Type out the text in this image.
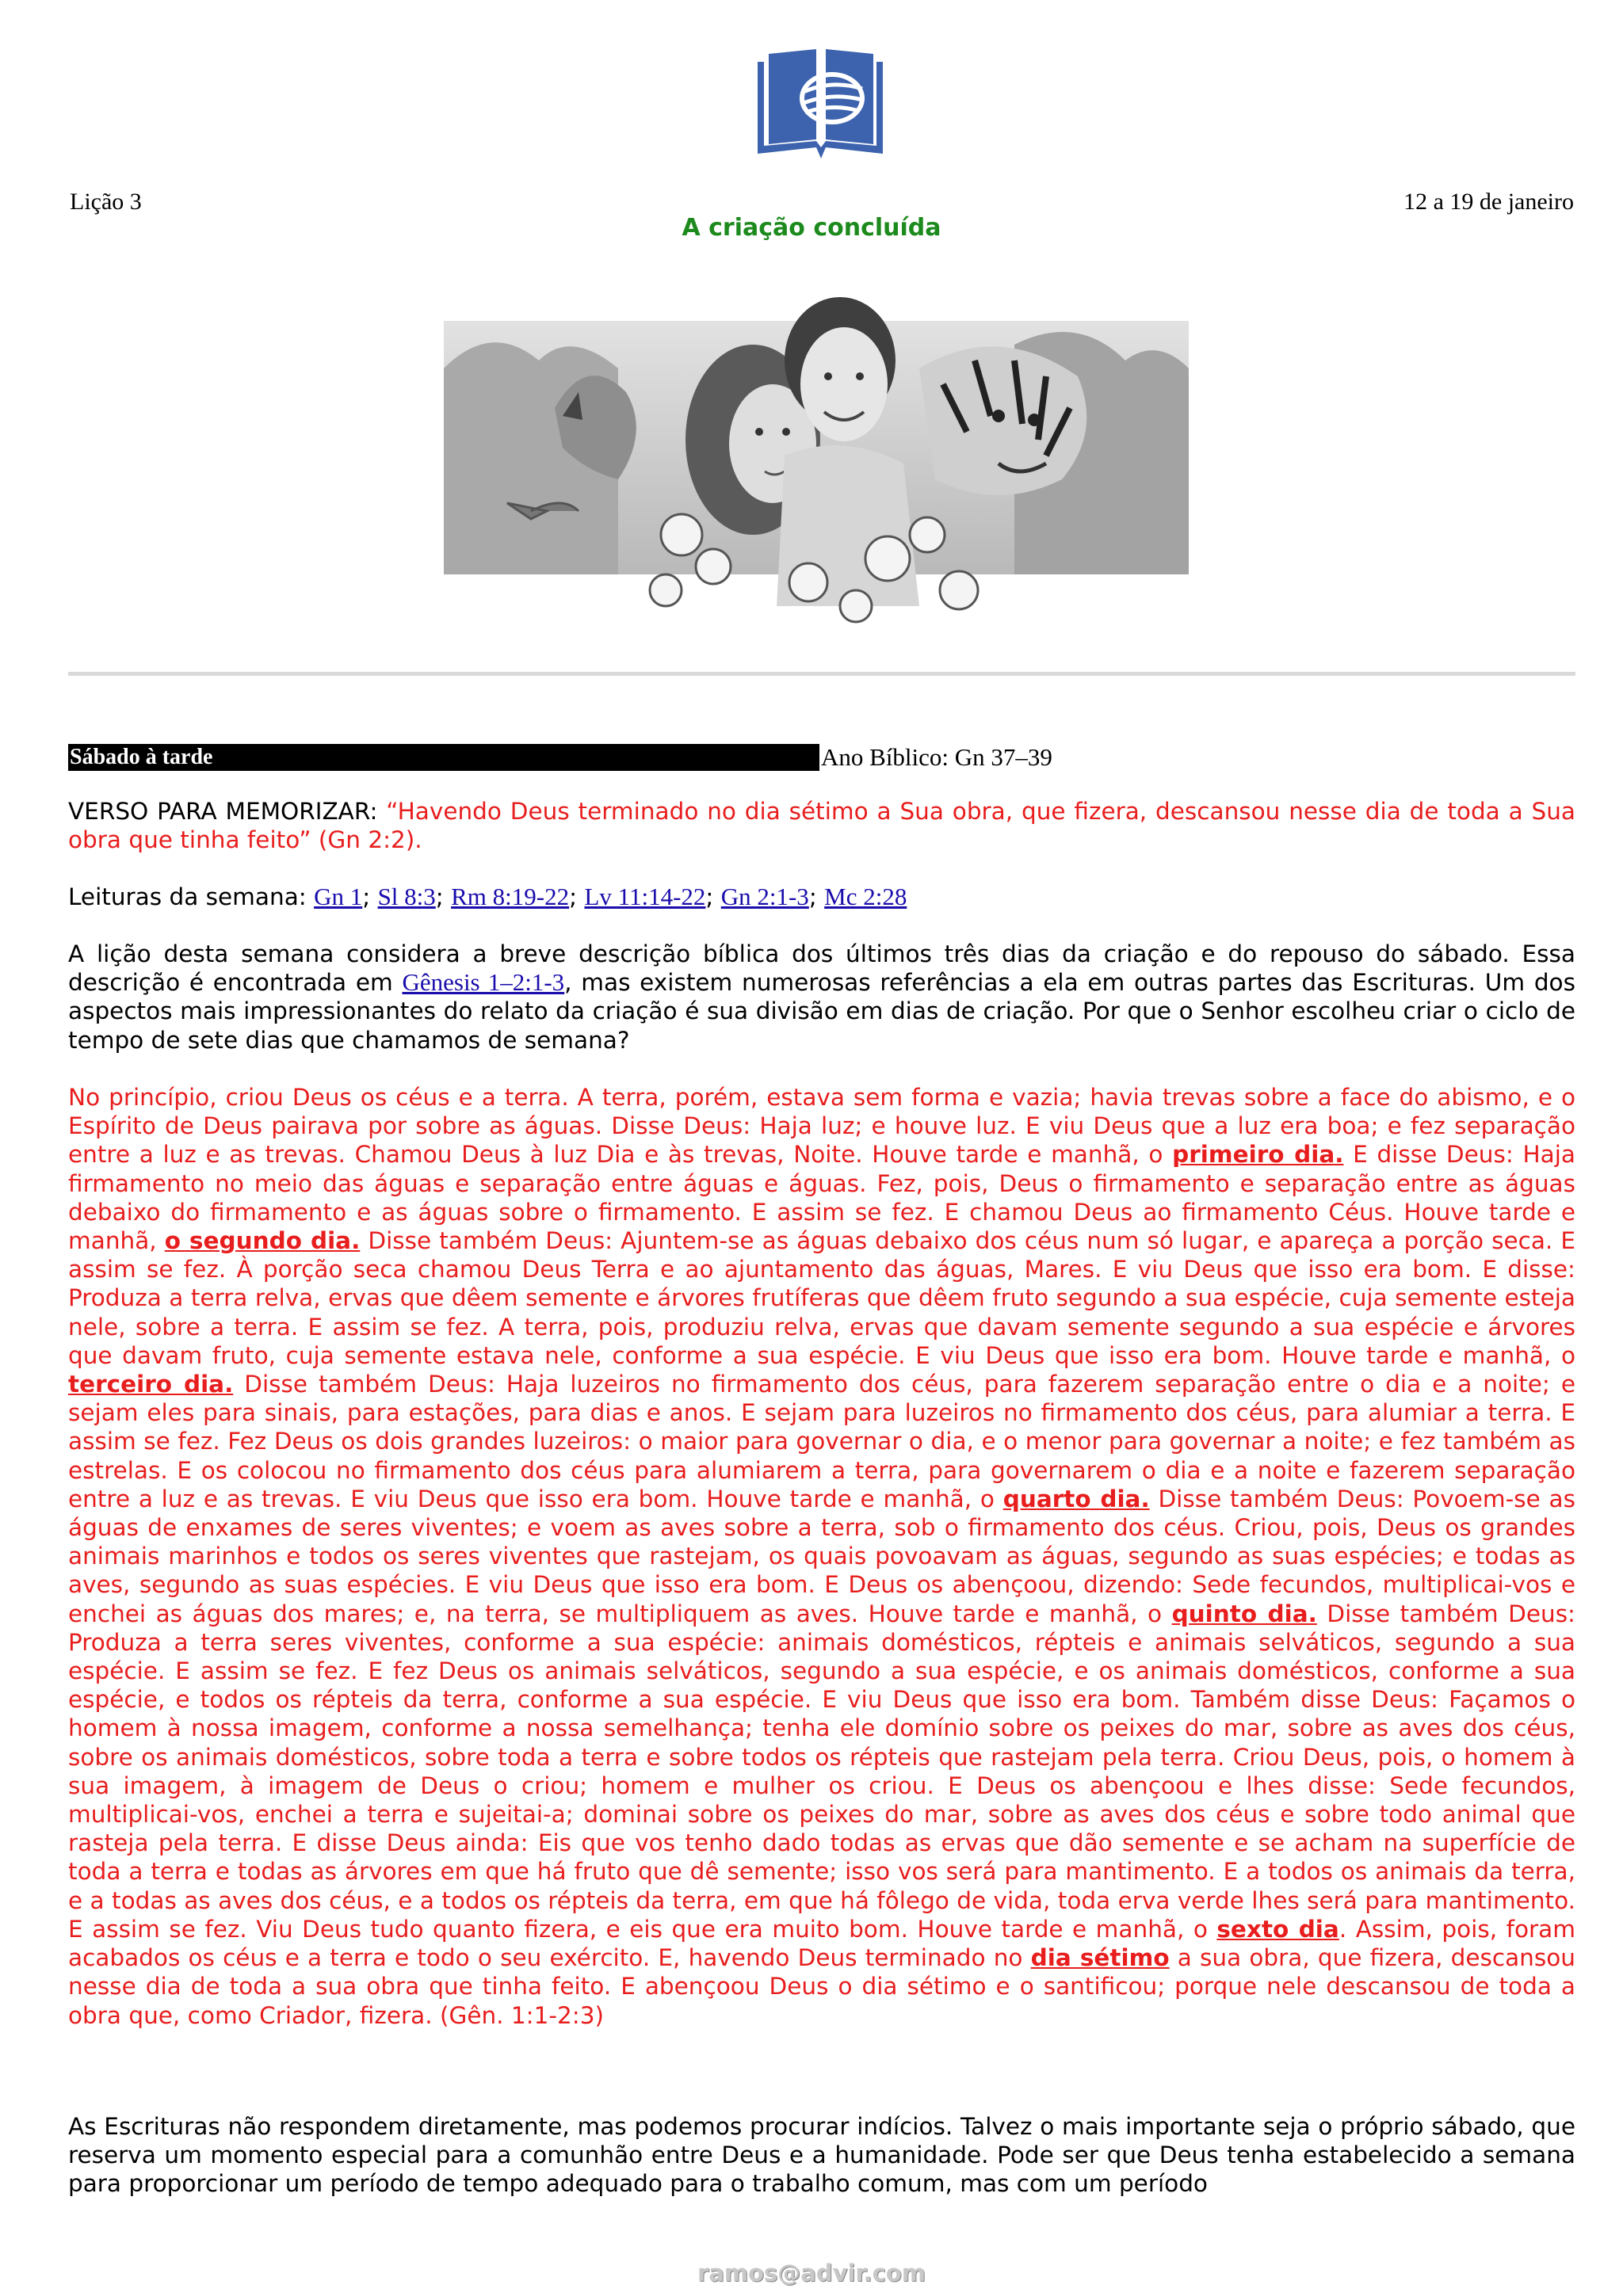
Lição 3	12 a 19 de janeiro
A criação concluída
Sábado à tarde	Ano Bíblico: Gn 37–39
VERSO PARA MEMORIZAR: “Havendo Deus terminado no dia sétimo a Sua obra, que fizera, descansou nesse dia de toda a Sua obra que tinha feito” (Gn 2:2).
Leituras da semana: Gn 1; Sl 8:3; Rm 8:19-22; Lv 11:14-22; Gn 2:1-3; Mc 2:28
A lição desta semana considera a breve descrição bíblica dos últimos três dias da criação e do repouso do sábado. Essa descrição é encontrada em Gênesis 1–2:1-3, mas existem numerosas referências a ela em outras partes das Escrituras. Um dos aspectos mais impressionantes do relato da criação é sua divisão em dias de criação. Por que o Senhor escolheu criar o ciclo de tempo de sete dias que chamamos de semana?
No princípio, criou Deus os céus e a terra. A terra, porém, estava sem forma e vazia; havia trevas sobre a face do abismo, e o Espírito de Deus pairava por sobre as águas. Disse Deus: Haja luz; e houve luz. E viu Deus que a luz era boa; e fez separação entre a luz e as trevas. Chamou Deus à luz Dia e às trevas, Noite. Houve tarde e manhã, o primeiro dia. E disse Deus: Haja firmamento no meio das águas e separação entre águas e águas. Fez, pois, Deus o firmamento e separação entre as águas debaixo do firmamento e as águas sobre o firmamento. E assim se fez. E chamou Deus ao firmamento Céus. Houve tarde e manhã, o segundo dia. Disse também Deus: Ajuntem-se as águas debaixo dos céus num só lugar, e apareça a porção seca. E assim se fez. À porção seca chamou Deus Terra e ao ajuntamento das águas, Mares. E viu Deus que isso era bom. E disse: Produza a terra relva, ervas que dêem semente e árvores frutíferas que dêem fruto segundo a sua espécie, cuja semente esteja nele, sobre a terra. E assim se fez. A terra, pois, produziu relva, ervas que davam semente segundo a sua espécie e árvores que davam fruto, cuja semente estava nele, conforme a sua espécie. E viu Deus que isso era bom. Houve tarde e manhã, o terceiro dia. Disse também Deus: Haja luzeiros no firmamento dos céus, para fazerem separação entre o dia e a noite; e sejam eles para sinais, para estações, para dias e anos. E sejam para luzeiros no firmamento dos céus, para alumiar a terra. E assim se fez. Fez Deus os dois grandes luzeiros: o maior para governar o dia, e o menor para governar a noite; e fez também as estrelas. E os colocou no firmamento dos céus para alumiarem a terra, para governarem o dia e a noite e fazerem separação entre a luz e as trevas. E viu Deus que isso era bom. Houve tarde e manhã, o quarto dia. Disse também Deus: Povoem-se as águas de enxames de seres viventes; e voem as aves sobre a terra, sob o firmamento dos céus. Criou, pois, Deus os grandes animais marinhos e todos os seres viventes que rastejam, os quais povoavam as águas, segundo as suas espécies; e todas as aves, segundo as suas espécies. E viu Deus que isso era bom. E Deus os abençoou, dizendo: Sede fecundos, multiplicai-vos e enchei as águas dos mares; e, na terra, se multipliquem as aves. Houve tarde e manhã, o quinto dia. Disse também Deus: Produza a terra seres viventes, conforme a sua espécie: animais domésticos, répteis e animais selváticos, segundo a sua espécie. E assim se fez. E fez Deus os animais selváticos, segundo a sua espécie, e os animais domésticos, conforme a sua espécie, e todos os répteis da terra, conforme a sua espécie. E viu Deus que isso era bom. Também disse Deus: Façamos o homem à nossa imagem, conforme a nossa semelhança; tenha ele domínio sobre os peixes do mar, sobre as aves dos céus, sobre os animais domésticos, sobre toda a terra e sobre todos os répteis que rastejam pela terra. Criou Deus, pois, o homem à sua imagem, à imagem de Deus o criou; homem e mulher os criou. E Deus os abençoou e lhes disse: Sede fecundos, multiplicai-vos, enchei a terra e sujeitai-a; dominai sobre os peixes do mar, sobre as aves dos céus e sobre todo animal que rasteja pela terra. E disse Deus ainda: Eis que vos tenho dado todas as ervas que dão semente e se acham na superfície de toda a terra e todas as árvores em que há fruto que dê semente; isso vos será para mantimento. E a todos os animais da terra, e a todas as aves dos céus, e a todos os répteis da terra, em que há fôlego de vida, toda erva verde lhes será para mantimento. E assim se fez. Viu Deus tudo quanto fizera, e eis que era muito bom. Houve tarde e manhã, o sexto dia. Assim, pois, foram acabados os céus e a terra e todo o seu exército. E, havendo Deus terminado no dia sétimo a sua obra, que fizera, descansou nesse dia de toda a sua obra que tinha feito. E abençoou Deus o dia sétimo e o santificou; porque nele descansou de toda a obra que, como Criador, fizera. (Gên. 1:1-2:3)
As Escrituras não respondem diretamente, mas podemos procurar indícios. Talvez o mais importante seja o próprio sábado, que reserva um momento especial para a comunhão entre Deus e a humanidade. Pode ser que Deus tenha estabelecido a semana para proporcionar um período de tempo adequado para o trabalho comum, mas com um período
ramos@advir.com
